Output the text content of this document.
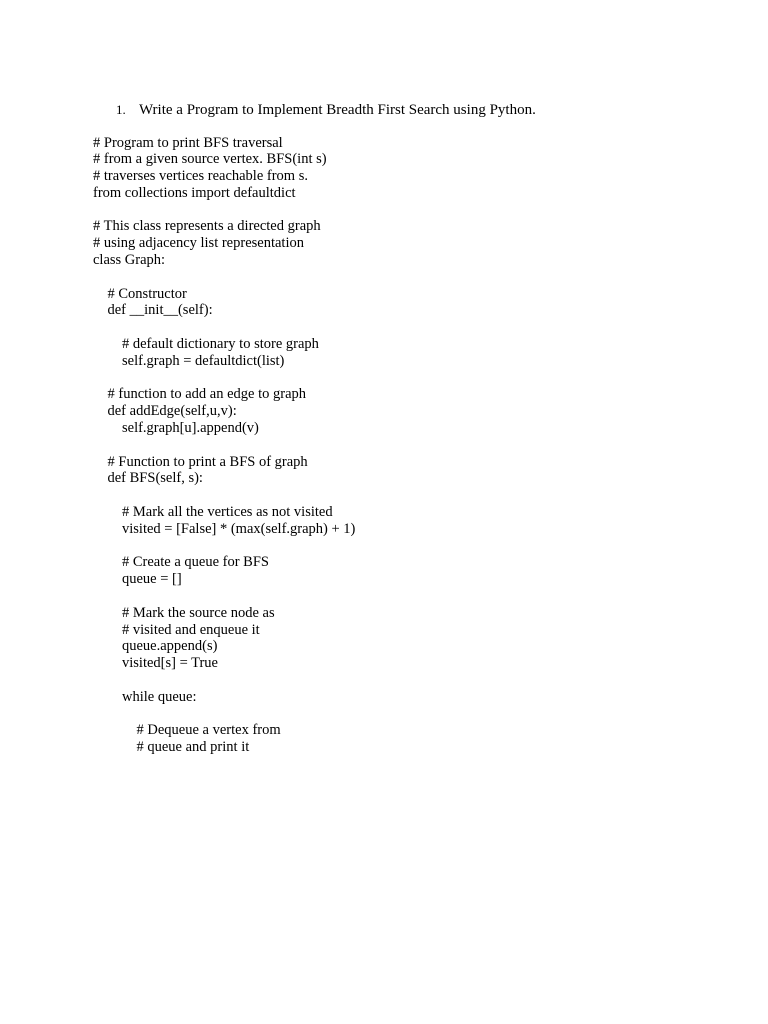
1. Write a Program to Implement Breadth First Search using Python.
# Program to print BFS traversal
# from a given source vertex. BFS(int s)
# traverses vertices reachable from s.
from collections import defaultdict
# This class represents a directed graph
# using adjacency list representation
class Graph:
# Constructor
def __init__(self):
# default dictionary to store graph
self.graph = defaultdict(list)
# function to add an edge to graph
def addEdge(self,u,v):
self.graph[u].append(v)
# Function to print a BFS of graph
def BFS(self, s):
# Mark all the vertices as not visited
visited = [False] * (max(self.graph) + 1)
# Create a queue for BFS
queue = []
# Mark the source node as
# visited and enqueue it
queue.append(s)
visited[s] = True
while queue:
# Dequeue a vertex from
# queue and print it
